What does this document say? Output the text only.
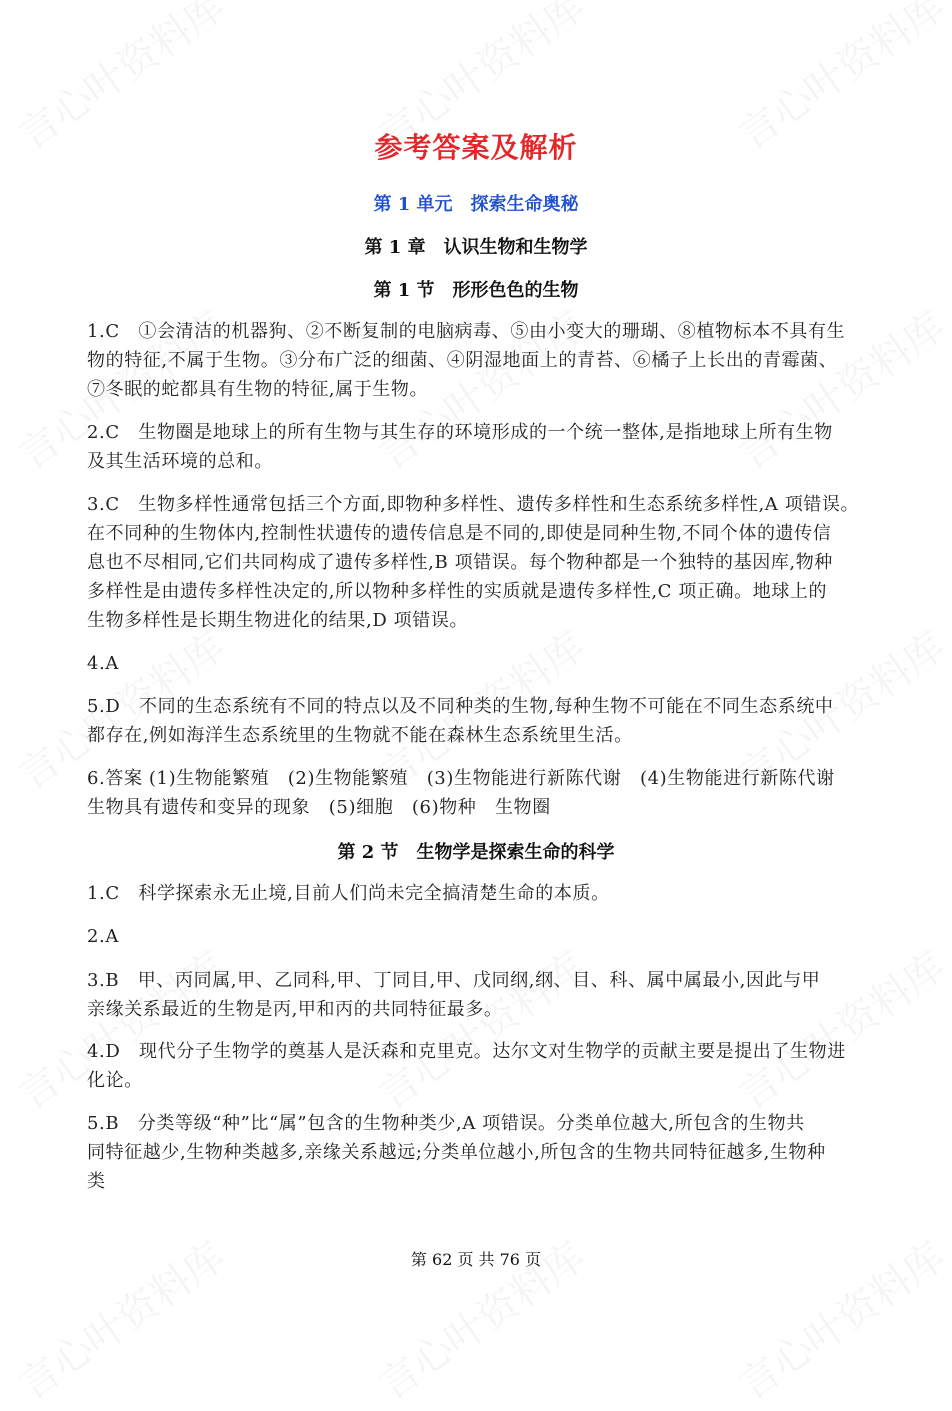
参考答案及解析
第 1 单元　探索生命奥秘
第 1 章　认识生物和生物学
第 1 节　形形色色的生物
1.C　①会清洁的机器狗、②不断复制的电脑病毒、⑤由小变大的珊瑚、⑧植物标本不具有生
物的特征,不属于生物。③分布广泛的细菌、④阴湿地面上的青苔、⑥橘子上长出的青霉菌、
⑦冬眠的蛇都具有生物的特征,属于生物。
2.C　生物圈是地球上的所有生物与其生存的环境形成的一个统一整体,是指地球上所有生物
及其生活环境的总和。
3.C　生物多样性通常包括三个方面,即物种多样性、遗传多样性和生态系统多样性,A 项错误。
在不同种的生物体内,控制性状遗传的遗传信息是不同的,即使是同种生物,不同个体的遗传信
息也不尽相同,它们共同构成了遗传多样性,B 项错误。每个物种都是一个独特的基因库,物种
多样性是由遗传多样性决定的,所以物种多样性的实质就是遗传多样性,C 项正确。地球上的
生物多样性是长期生物进化的结果,D 项错误。
4.A
5.D　不同的生态系统有不同的特点以及不同种类的生物,每种生物不可能在不同生态系统中
都存在,例如海洋生态系统里的生物就不能在森林生态系统里生活。
6.答案 (1)生物能繁殖　(2)生物能繁殖　(3)生物能进行新陈代谢　(4)生物能进行新陈代谢
生物具有遗传和变异的现象　(5)细胞　(6)物种　生物圈
第 2 节　生物学是探索生命的科学
1.C　科学探索永无止境,目前人们尚未完全搞清楚生命的本质。
2.A
3.B　甲、丙同属,甲、乙同科,甲、丁同目,甲、戊同纲,纲、目、科、属中属最小,因此与甲
亲缘关系最近的生物是丙,甲和丙的共同特征最多。
4.D　现代分子生物学的奠基人是沃森和克里克。达尔文对生物学的贡献主要是提出了生物进
化论。
5.B　分类等级“种”比“属”包含的生物种类少,A 项错误。分类单位越大,所包含的生物共
同特征越少,生物种类越多,亲缘关系越远;分类单位越小,所包含的生物共同特征越多,生物种
类
第 62 页 共 76 页
